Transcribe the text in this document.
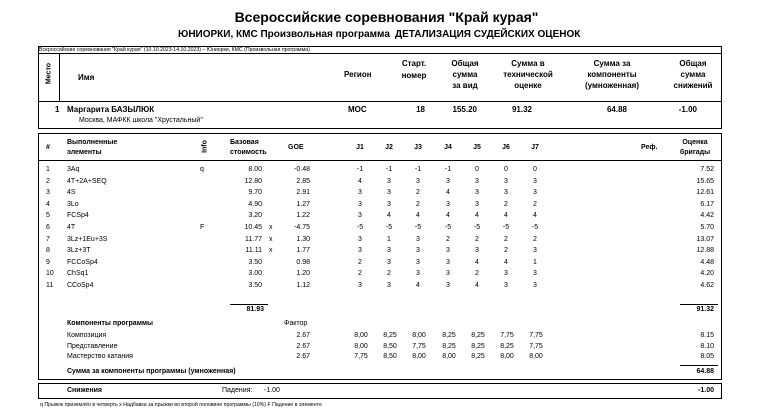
Всероссийские соревнования "Край курая"
ЮНИОРКИ, КМС Произвольная программа ДЕТАЛИЗАЦИЯ СУДЕЙСКИХ ОЦЕНОК
Всероссийские соревнования "Край курая" (10.10.2023-14.10.2023) – Юниорки, КМС (Произвольная программа)
Место	Имя	Регион
Старт.
номер
Общая
сумма
за вид
Сумма в
технической
оценке
Сумма за
компоненты
(умноженная)
Общая
сумма
снижений
1 Маргарита БАЗЫЛЮК	МОС	18	155.20	91.32	64.88	-1.00
Москва, МАФКК школа "Хрустальный"
#
Выполненные
элементы	Info	Базовая
стоимость
GOE	J1	J2	J3	J4	J5	J6	J7	Реф.
Оценка
бригады
1 3Aq	q	8.00	-0.48	-1	-1	-1	-1	0	0	0	7.52
2 4T+2A+SEQ	12.80	2.85	4	3	3	3	3	3	3	15.65
3 4S	9.70	2.91	3	3	2	4	3	3	3	12.61
4 3Lo	4.90	1.27	3	3	2	3	3	2	2	6.17
5 FCSp4	3.20	1.22	3	4	4	4	4	4	4	4.42
6 4T	F	10.45 x	-4.75	-5	-5	-5	-5	-5	-5	-5	5.70
7 3Lz+1Eu+3S	11.77 x	1.30	3	1	3	2	2	2	2	13.07
8 3Lz+3T	11.11 x	1.77	3	3	3	3	3	2	3	12.88
9 FCCoSp4	3.50	0.98	2	3	3	3	4	4	1	4.48
10 ChSq1	3.00	1.20	2	2	3	3	2	3	3	4.20
11 CCoSp4	3.50	1.12	3	3	4	3	4	3	3	4.62
81.93	91.32
Компоненты программы	Фактор
Композиция	2.67	8,00	8,25	8,00	8,25	8,25	7,75	7,75	8.15
Представление	2.67	8,00	8,50	7,75	8,25	8,25	8,25	7,75	8.10
Мастерство катания	2.67	7,75	8,50	8,00	8,00	8,25	8,00	8,00	8.05
Сумма за компоненты программы (умноженная)	64.88
Снижения	Падения: -1.00	-1.00
q Прыжок приземлён в четверть x Надбавка за прыжки во второй половине программы (10%) F Падение в элементе
